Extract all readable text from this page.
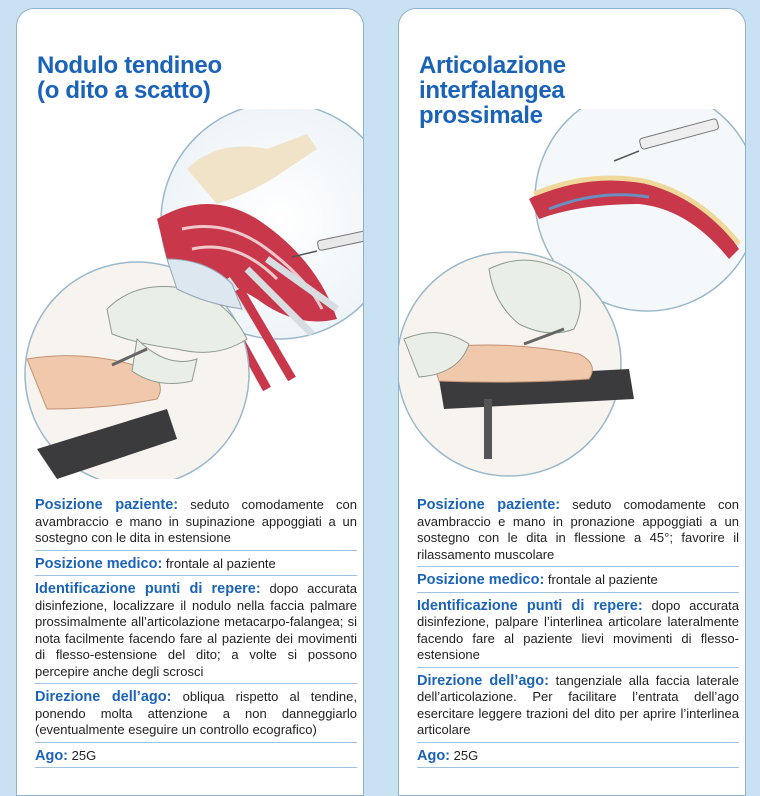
Nodulo tendineo
(o dito a scatto)
Posizione paziente: seduto comodamente con avambraccio e mano in supinazione appoggiati a un sostegno con le dita in estensione
Posizione medico: frontale al paziente
Identificazione punti di repere: dopo accurata disinfezione, localizzare il nodulo nella faccia palmare prossimalmente all’articolazione metacarpo-falangea; si nota facilmente facendo fare al paziente dei movimenti di flesso-estensione del dito; a volte si possono percepire anche degli scrosci
Direzione dell’ago: obliqua rispetto al tendine, ponendo molta attenzione a non danneggiarlo (eventualmente eseguire un controllo ecografico)
Ago: 25G
Articolazione
interfalangea
prossimale
Posizione paziente: seduto comodamente con avambraccio e mano in pronazione appoggiati a un sostegno con le dita in flessione a 45°; favorire il rilassamento muscolare
Posizione medico: frontale al paziente
Identificazione punti di repere: dopo accurata disinfezione, palpare l’interlinea articolare lateralmente facendo fare al paziente lievi movimenti di flesso-estensione
Direzione dell’ago: tangenziale alla faccia laterale dell’articolazione. Per facilitare l’entrata dell’ago esercitare leggere trazioni del dito per aprire l’interlinea articolare
Ago: 25G
